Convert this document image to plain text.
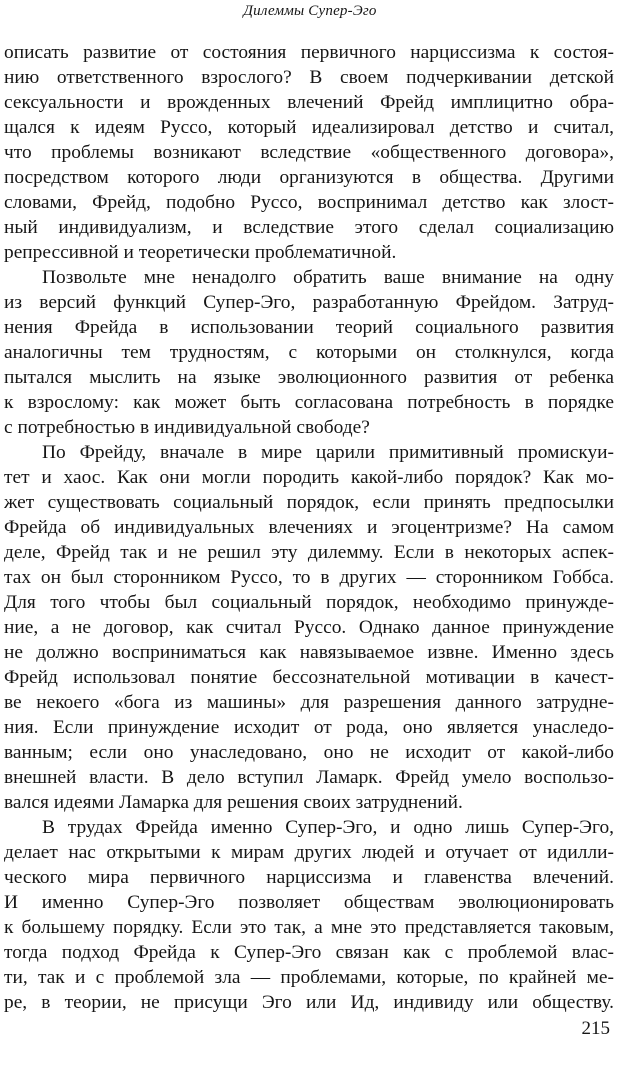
Дилеммы Супер-Эго
описать развитие от состояния первичного нарциссизма к состоя-
нию ответственного взрослого? В своем подчеркивании детской
сексуальности и врожденных влечений Фрейд имплицитно обра-
щался к идеям Руссо, который идеализировал детство и считал,
что проблемы возникают вследствие «общественного договора»,
посредством которого люди организуются в общества. Другими
словами, Фрейд, подобно Руссо, воспринимал детство как злост-
ный индивидуализм, и вследствие этого сделал социализацию
репрессивной и теоретически проблематичной.
Позвольте мне ненадолго обратить ваше внимание на одну
из версий функций Супер-Эго, разработанную Фрейдом. Затруд-
нения Фрейда в использовании теорий социального развития
аналогичны тем трудностям, с которыми он столкнулся, когда
пытался мыслить на языке эволюционного развития от ребенка
к взрослому: как может быть согласована потребность в порядке
с потребностью в индивидуальной свободе?
По Фрейду, вначале в мире царили примитивный промискуи-
тет и хаос. Как они могли породить какой-либо порядок? Как мо-
жет существовать социальный порядок, если принять предпосылки
Фрейда об индивидуальных влечениях и эгоцентризме? На самом
деле, Фрейд так и не решил эту дилемму. Если в некоторых аспек-
тах он был сторонником Руссо, то в других — сторонником Гоббса.
Для того чтобы был социальный порядок, необходимо принужде-
ние, а не договор, как считал Руссо. Однако данное принуждение
не должно восприниматься как навязываемое извне. Именно здесь
Фрейд использовал понятие бессознательной мотивации в качест-
ве некоего «бога из машины» для разрешения данного затрудне-
ния. Если принуждение исходит от рода, оно является унаследо-
ванным; если оно унаследовано, оно не исходит от какой-либо
внешней власти. В дело вступил Ламарк. Фрейд умело воспользо-
вался идеями Ламарка для решения своих затруднений.
В трудах Фрейда именно Супер-Эго, и одно лишь Супер-Эго,
делает нас открытыми к мирам других людей и отучает от идилли-
ческого мира первичного нарциссизма и главенства влечений.
И именно Супер-Эго позволяет обществам эволюционировать
к большему порядку. Если это так, а мне это представляется таковым,
тогда подход Фрейда к Супер-Эго связан как с проблемой влас-
ти, так и с проблемой зла — проблемами, которые, по крайней ме-
ре, в теории, не присущи Эго или Ид, индивиду или обществу.
215
